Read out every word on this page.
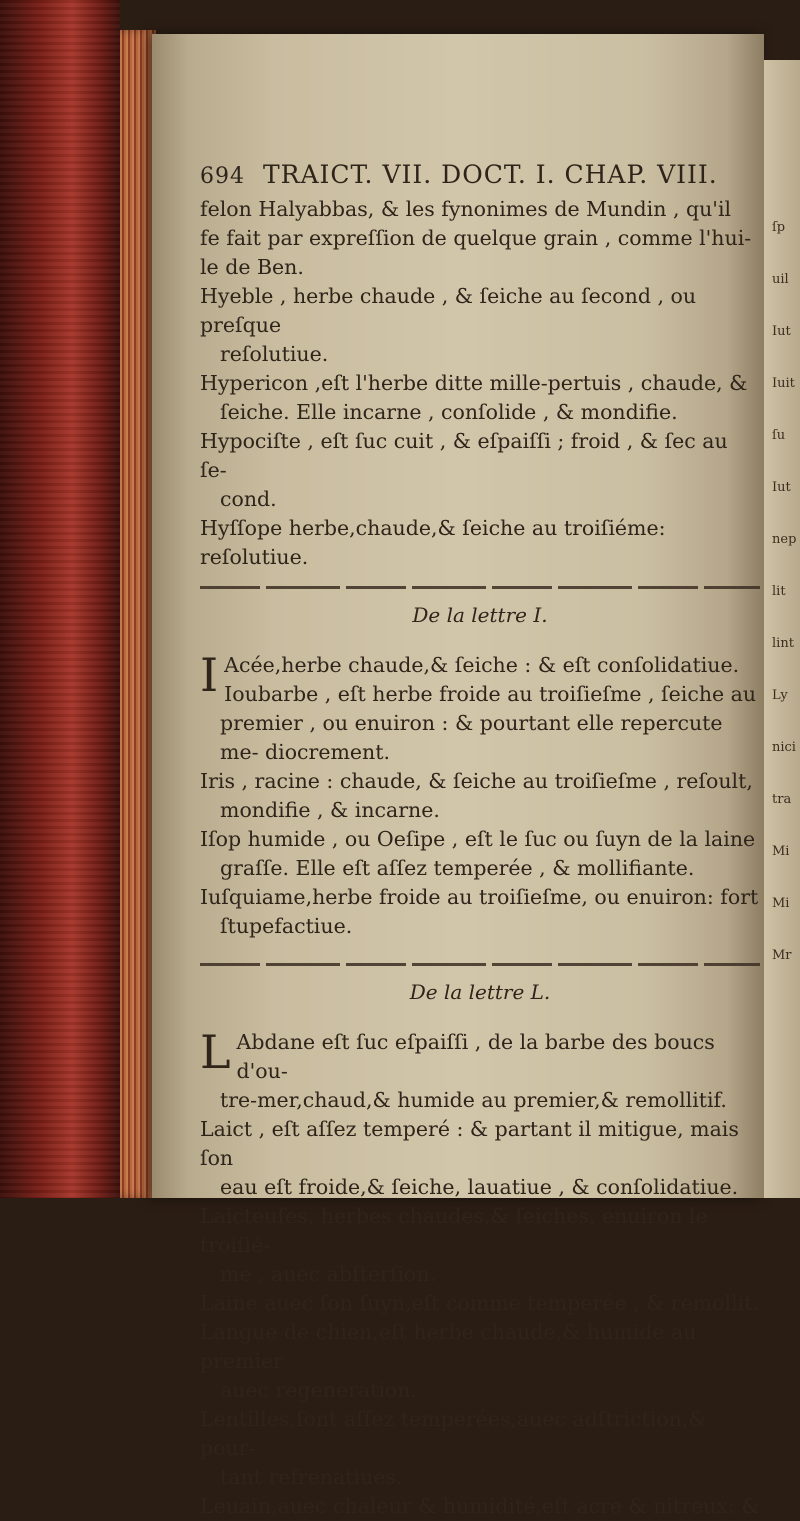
ſp
uil
Iut
Iuit
ſu
Iut
nep
lit
lint
Ly
nici
tra
Mi
Mi
Mr
694 TRAICT. VII. DOCT. I. CHAP. VIII.
felon Halyabbas, & les fynonimes de Mundin , qu'il
fe fait par expreſſion de quelque grain , comme l'hui-
le de Ben.
Hyeble , herbe chaude , & ſeiche au ſecond , ou preſque
reſolutiue.
Hypericon ,eſt l'herbe ditte mille-pertuis , chaude, &
ſeiche. Elle incarne , conſolide , & mondifie.
Hypociſte , eſt ſuc cuit , & eſpaiſſi ; froid , & ſec au ſe-
cond.
Hyſſope herbe,chaude,& ſeiche au troiſiéme: reſolutiue.
De la lettre I.
I Acée,herbe chaude,& ſeiche : & eſt conſolidatiue.
Ioubarbe , eſt herbe froide au troiſieſme , ſeiche au
premier , ou enuiron : & pourtant elle repercute me- diocrement.
Iris , racine : chaude, & ſeiche au troiſieſme , reſoult,
mondifie , & incarne.
Iſop humide , ou Oeſipe , eſt le ſuc ou ſuyn de la laine
graſſe. Elle eſt aſſez temperée , & mollifiante.
Iuſquiame,herbe froide au troiſieſme, ou enuiron: fort
ſtupefactiue.
De la lettre L.
L Abdane eſt ſuc eſpaiſſi , de la barbe des boucs d'ou-
tre-mer,chaud,& humide au premier,& remollitif.
Laict , eſt aſſez temperé : & partant il mitigue, mais ſon
eau eſt froide,& ſeiche, lauatiue , & conſolidatiue.
Laicteuſes, herbes chaudes,& ſeiches, enuiron le troiſié-
me , auec abſterſion.
Laine auec ſon ſuyn,eſt comme temperée , & remollit.
Langue de chien,eſt herbe chaude,& humide au premier
auec regeneration.
Lentilles,ſont aſſez temperées,auec adſtriction,& pour-
tant refrenatiues.
Leuain,auec chaleur & humidité,eſt acre & nitreux: &
